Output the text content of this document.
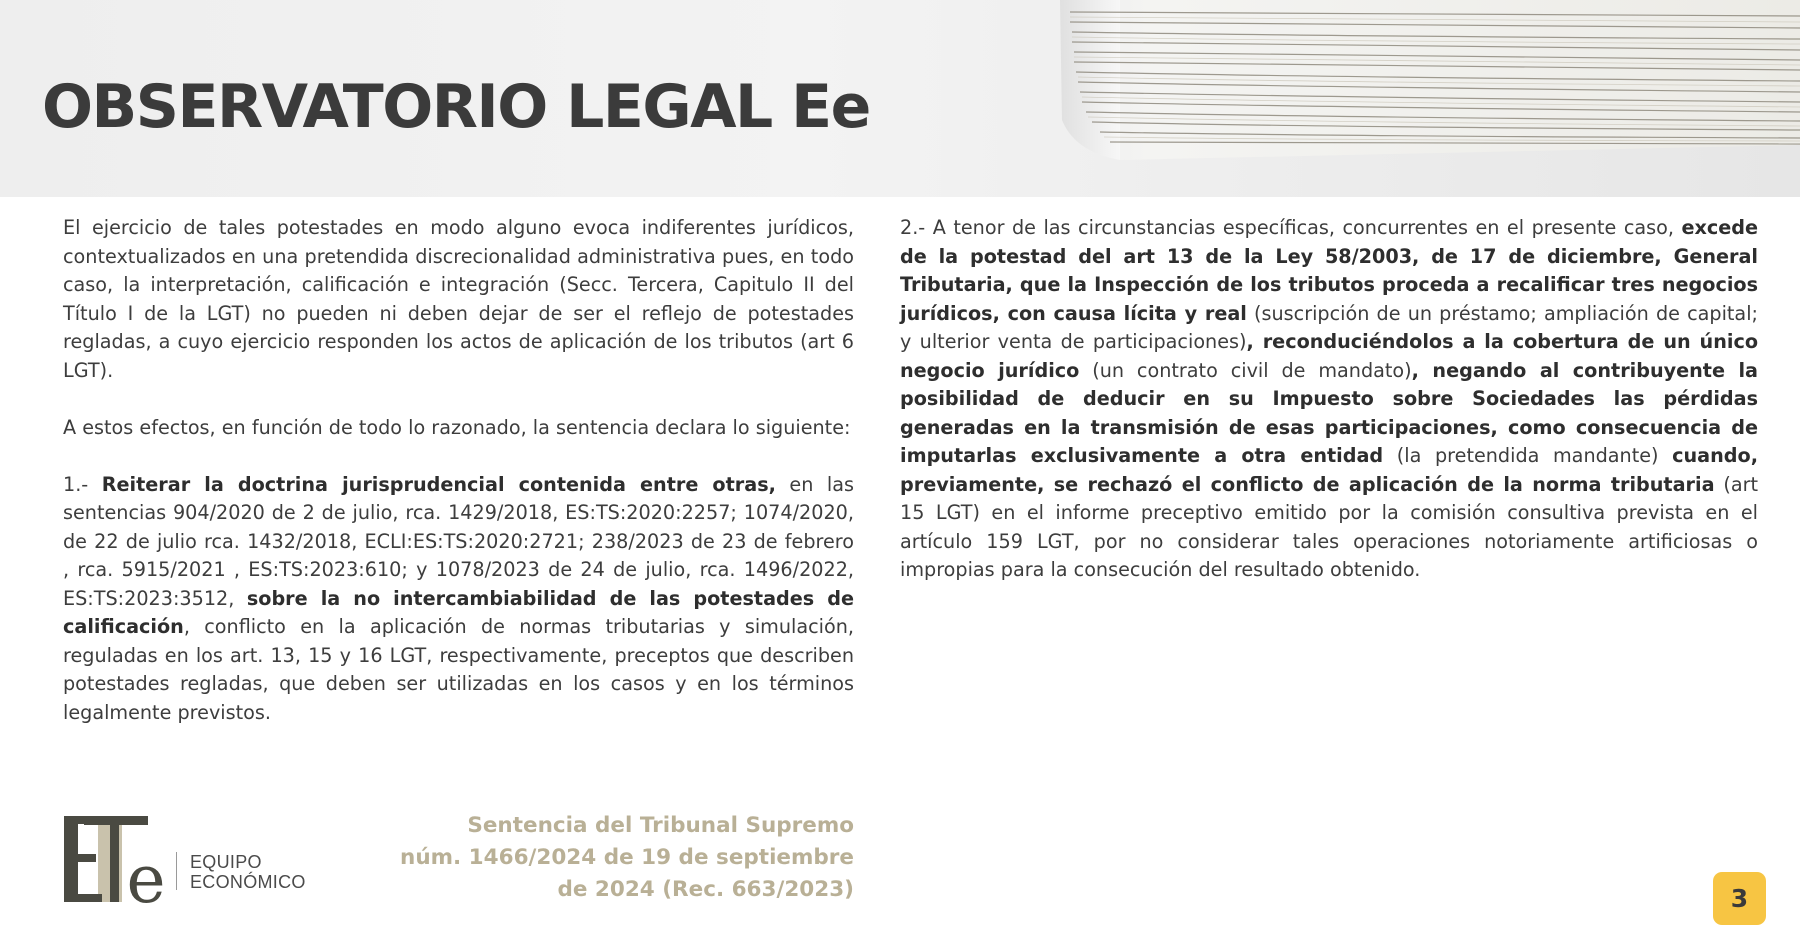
OBSERVATORIO LEGAL Ee

El ejercicio de tales potestades en modo alguno evoca indiferentes jurídicos, contextualizados en una pretendida discrecionalidad administrativa pues, en todo caso, la interpretación, calificación e integración (Secc. Tercera, Capitulo II del Título I de la LGT) no pueden ni deben dejar de ser el reflejo de potestades regladas, a cuyo ejercicio responden los actos de aplicación de los tributos (art 6 LGT).

A estos efectos, en función de todo lo razonado, la sentencia declara lo siguiente:

1.- Reiterar la doctrina jurisprudencial contenida entre otras, en las sentencias 904/2020 de 2 de julio, rca. 1429/2018, ES:TS:2020:2257; 1074/2020, de 22 de julio rca. 1432/2018, ECLI:ES:TS:2020:2721; 238/2023 de 23 de febrero , rca. 5915/2021 , ES:TS:2023:610; y 1078/2023 de 24 de julio, rca. 1496/2022, ES:TS:2023:3512, sobre la no intercambiabilidad de las potestades de calificación, conflicto en la aplicación de normas tributarias y simulación, reguladas en los art. 13, 15 y 16 LGT, respectivamente, preceptos que describen potestades regladas, que deben ser utilizadas en los casos y en los términos legalmente previstos.

2.- A tenor de las circunstancias específicas, concurrentes en el presente caso, excede de la potestad del art 13 de la Ley 58/2003, de 17 de diciembre, General Tributaria, que la Inspección de los tributos proceda a recalificar tres negocios jurídicos, con causa lícita y real (suscripción de un préstamo; ampliación de capital; y ulterior venta de participaciones), reconduciéndolos a la cobertura de un único negocio jurídico (un contrato civil de mandato), negando al contribuyente la posibilidad de deducir en su Impuesto sobre Sociedades las pérdidas generadas en la transmisión de esas participaciones, como consecuencia de imputarlas exclusivamente a otra entidad (la pretendida mandante) cuando, previamente, se rechazó el conflicto de aplicación de la norma tributaria (art 15 LGT) en el informe preceptivo emitido por la comisión consultiva prevista en el artículo 159 LGT, por no considerar tales operaciones notoriamente artificiosas o impropias para la consecución del resultado obtenido.

e EQUIPO
ECONÓMICO
Sentencia del Tribunal Supremo
núm. 1466/2024 de 19 de septiembre
de 2024 (Rec. 663/2023)	3
